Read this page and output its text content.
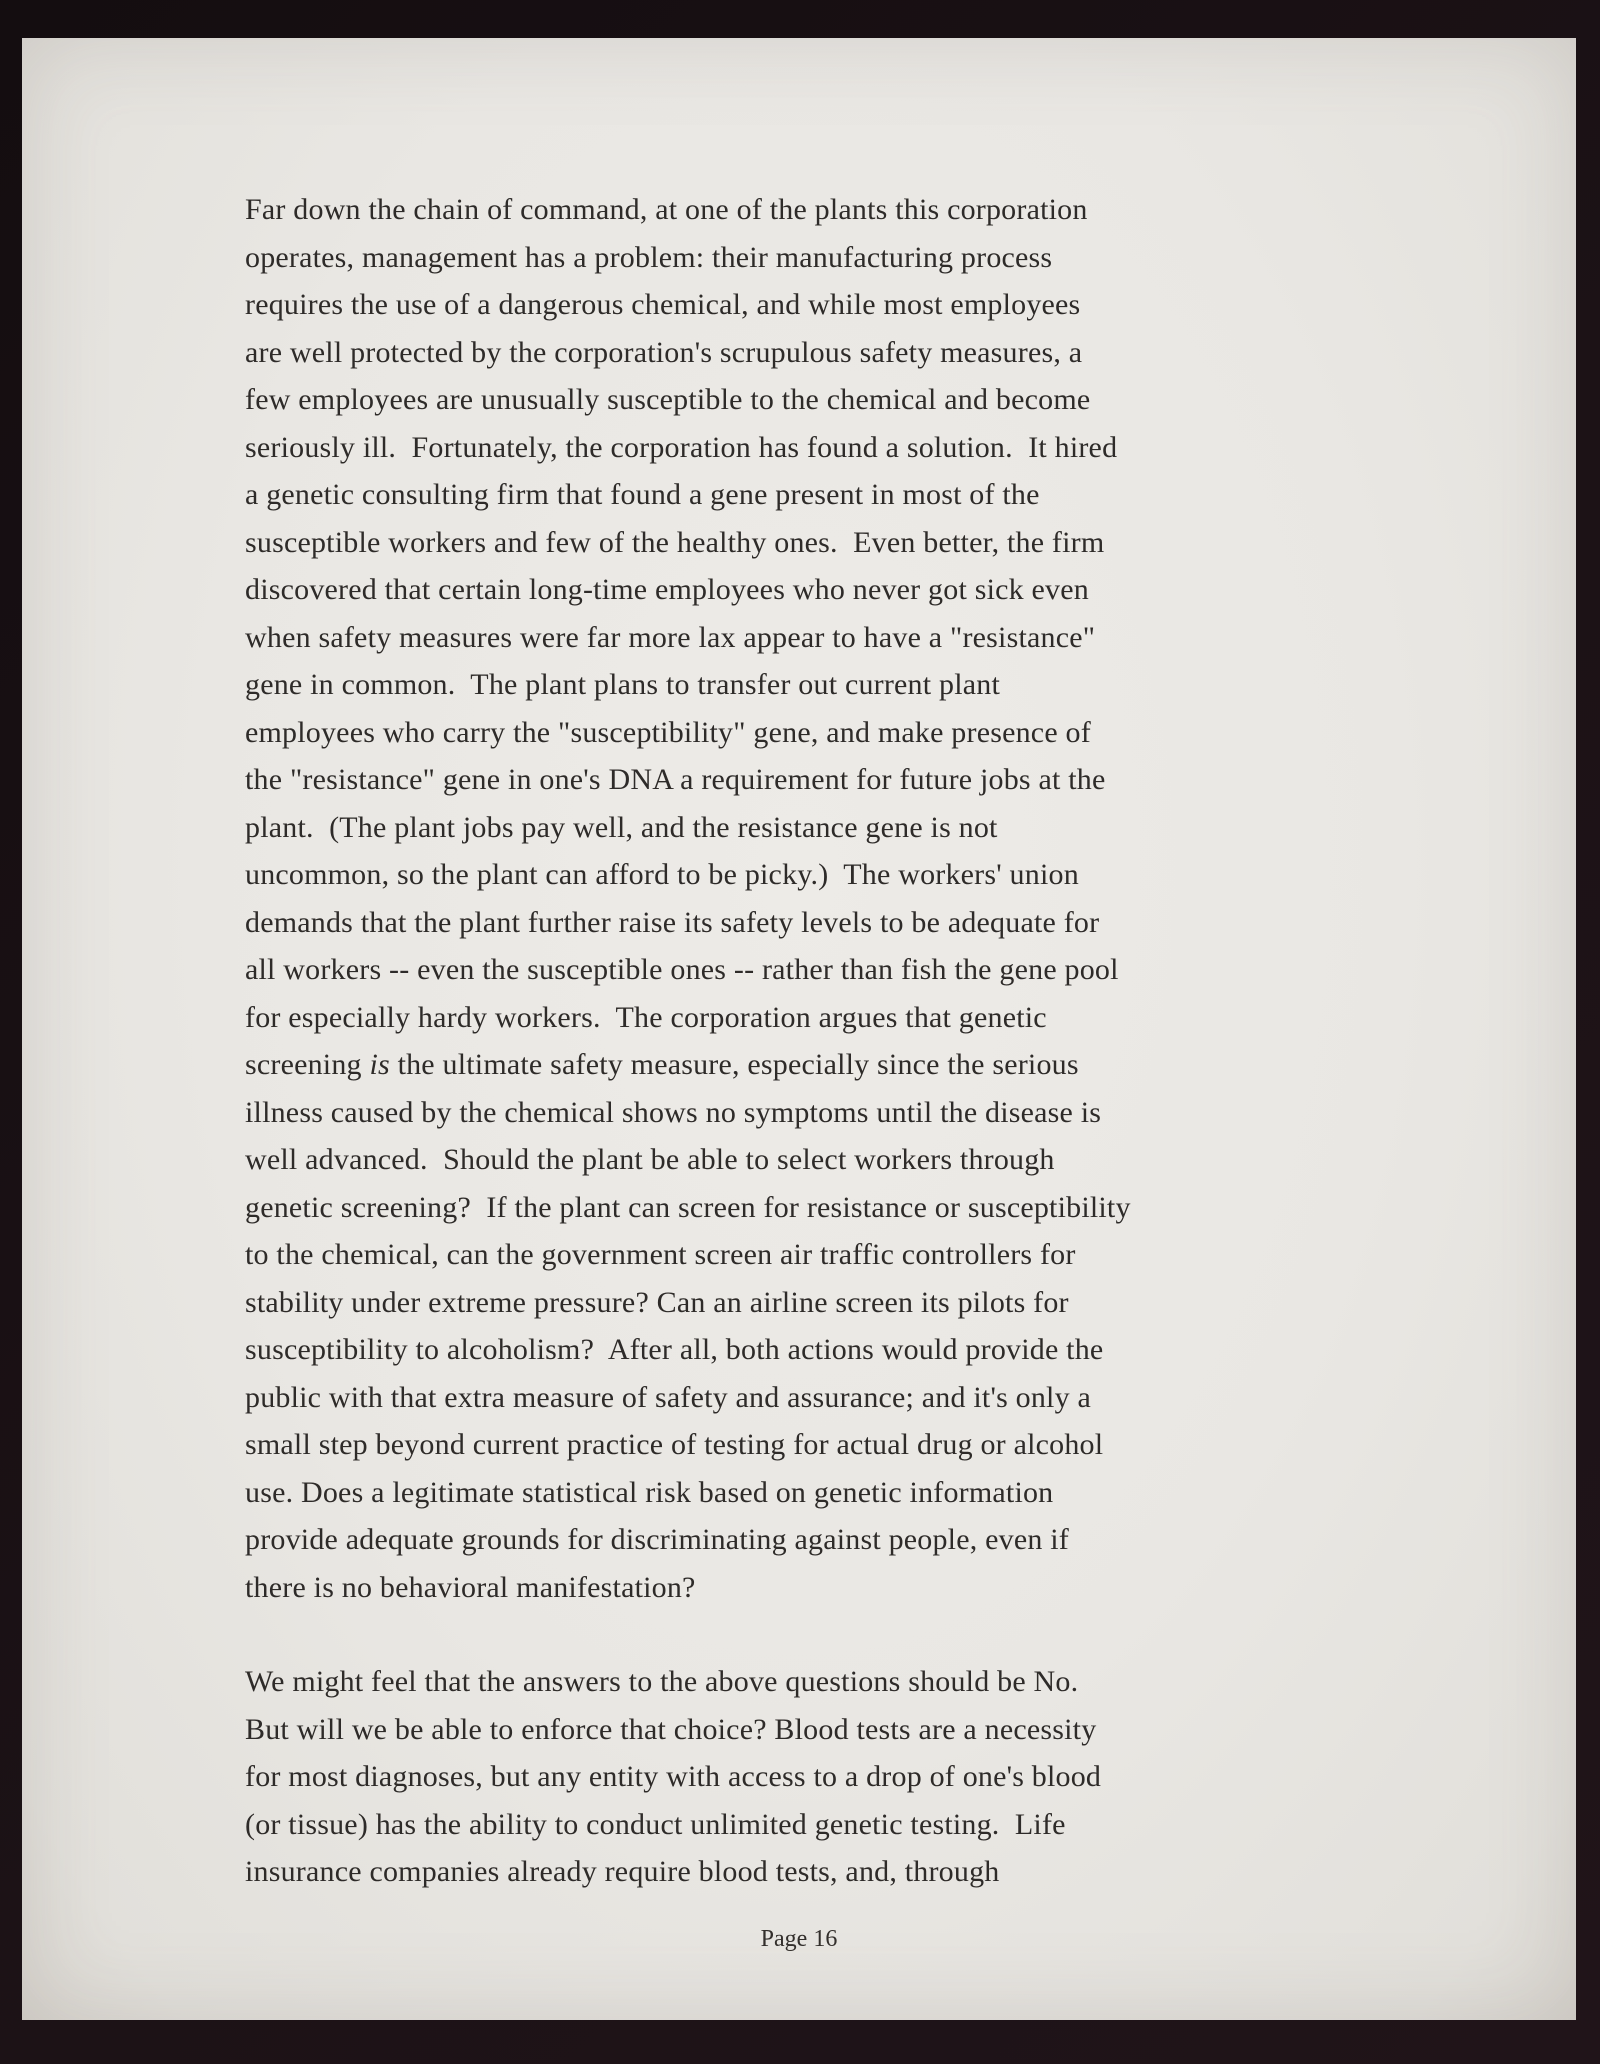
Far down the chain of command, at one of the plants this corporation
operates, management has a problem: their manufacturing process
requires the use of a dangerous chemical, and while most employees
are well protected by the corporation's scrupulous safety measures, a
few employees are unusually susceptible to the chemical and become
seriously ill.  Fortunately, the corporation has found a solution.  It hired
a genetic consulting firm that found a gene present in most of the
susceptible workers and few of the healthy ones.  Even better, the firm
discovered that certain long-time employees who never got sick even
when safety measures were far more lax appear to have a "resistance"
gene in common.  The plant plans to transfer out current plant
employees who carry the "susceptibility" gene, and make presence of
the "resistance" gene in one's DNA a requirement for future jobs at the
plant.  (The plant jobs pay well, and the resistance gene is not
uncommon, so the plant can afford to be picky.)  The workers' union
demands that the plant further raise its safety levels to be adequate for
all workers -- even the susceptible ones -- rather than fish the gene pool
for especially hardy workers.  The corporation argues that genetic
screening is the ultimate safety measure, especially since the serious
illness caused by the chemical shows no symptoms until the disease is
well advanced.  Should the plant be able to select workers through
genetic screening?  If the plant can screen for resistance or susceptibility
to the chemical, can the government screen air traffic controllers for
stability under extreme pressure? Can an airline screen its pilots for
susceptibility to alcoholism?  After all, both actions would provide the
public with that extra measure of safety and assurance; and it's only a
small step beyond current practice of testing for actual drug or alcohol
use. Does a legitimate statistical risk based on genetic information
provide adequate grounds for discriminating against people, even if
there is no behavioral manifestation?
We might feel that the answers to the above questions should be No.
But will we be able to enforce that choice? Blood tests are a necessity
for most diagnoses, but any entity with access to a drop of one's blood
(or tissue) has the ability to conduct unlimited genetic testing.  Life
insurance companies already require blood tests, and, through
Page 16
